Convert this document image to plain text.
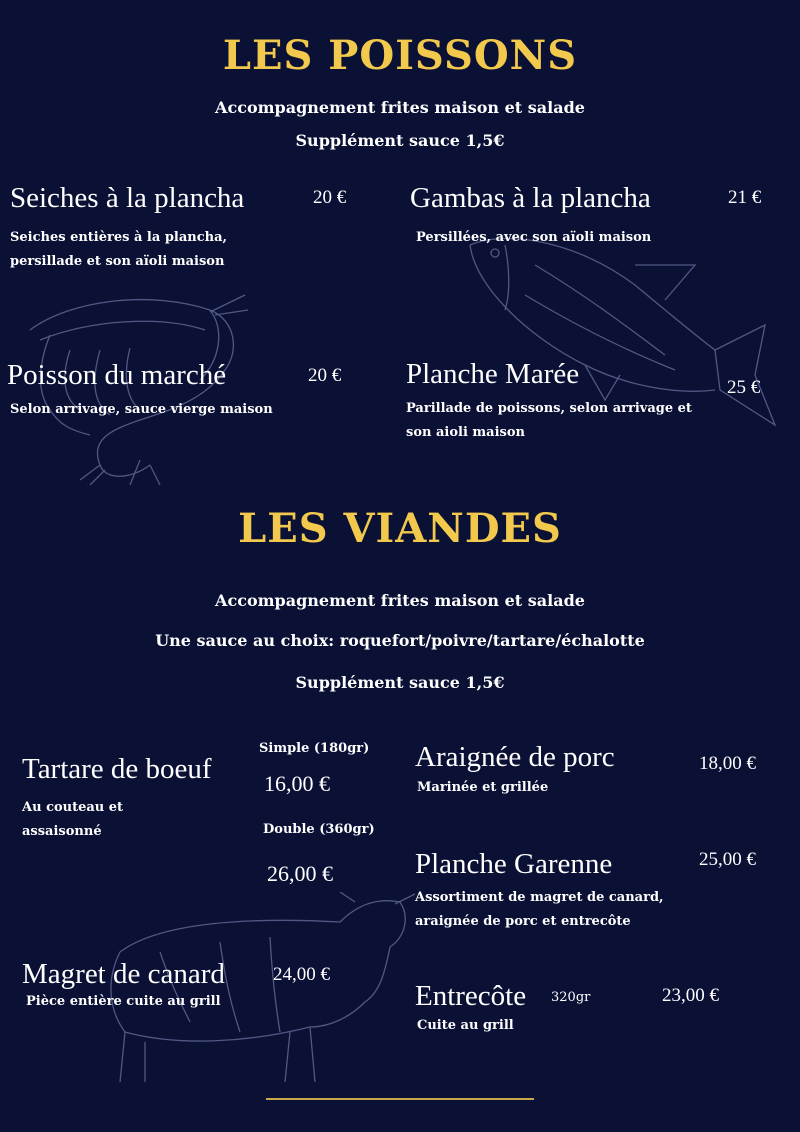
LES POISSONS
Accompagnement frites maison et salade
Supplément sauce 1,5€
Seiches à la plancha	20 €
Seiches entières à la plancha,
persillade et son aïoli maison
Gambas à la plancha	21 €
Persillées, avec son aïoli maison
Poisson du marché	20 €
Selon arrivage, sauce vierge maison
Planche Marée	25 €
Parillade de poissons, selon arrivage et
son aioli maison
LES VIANDES
Accompagnement frites maison et salade
Une sauce au choix: roquefort/poivre/tartare/échalotte
Supplément sauce 1,5€
Tartare de boeuf
Simple (180gr)
16,00 €
Au couteau et
assaisonné	Double (360gr)
26,00 €
Magret de canard	24,00 €
Pièce entière cuite au grill
Araignée de porc	18,00 €
Marinée et grillée
Planche Garenne	25,00 €
Assortiment de magret de canard,
araignée de porc et entrecôte
Entrecôte 320gr	23,00 €
Cuite au grill
